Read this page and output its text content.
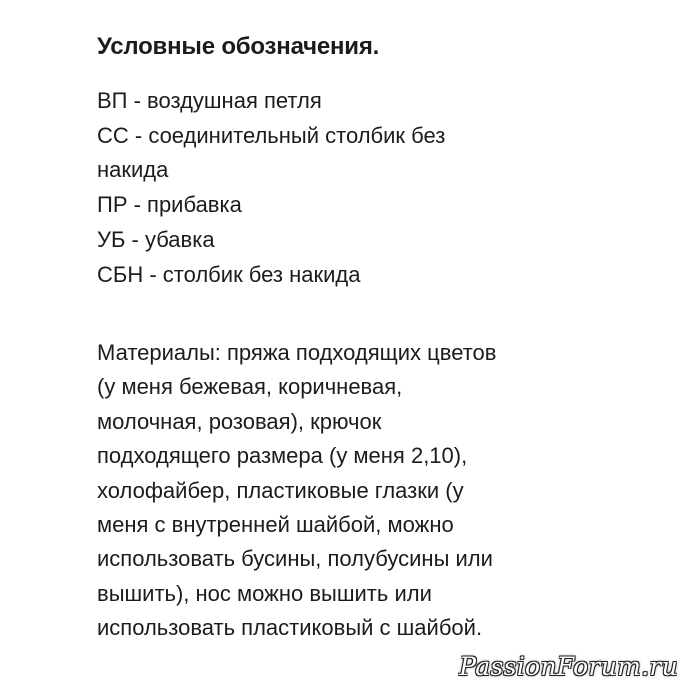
Условные обозначения.
ВП - воздушная петля
СС - соединительный столбик без
накида
ПР - прибавка
УБ - убавка
СБН - столбик без накида
Материалы: пряжа подходящих цветов
(у меня бежевая, коричневая,
молочная, розовая), крючок
подходящего размера (у меня 2,10),
холофайбер, пластиковые глазки (у
меня с внутренней шайбой, можно
использовать бусины, полубусины или
вышить), нос можно вышить или
использовать пластиковый с шайбой.
PassionForum.ru
